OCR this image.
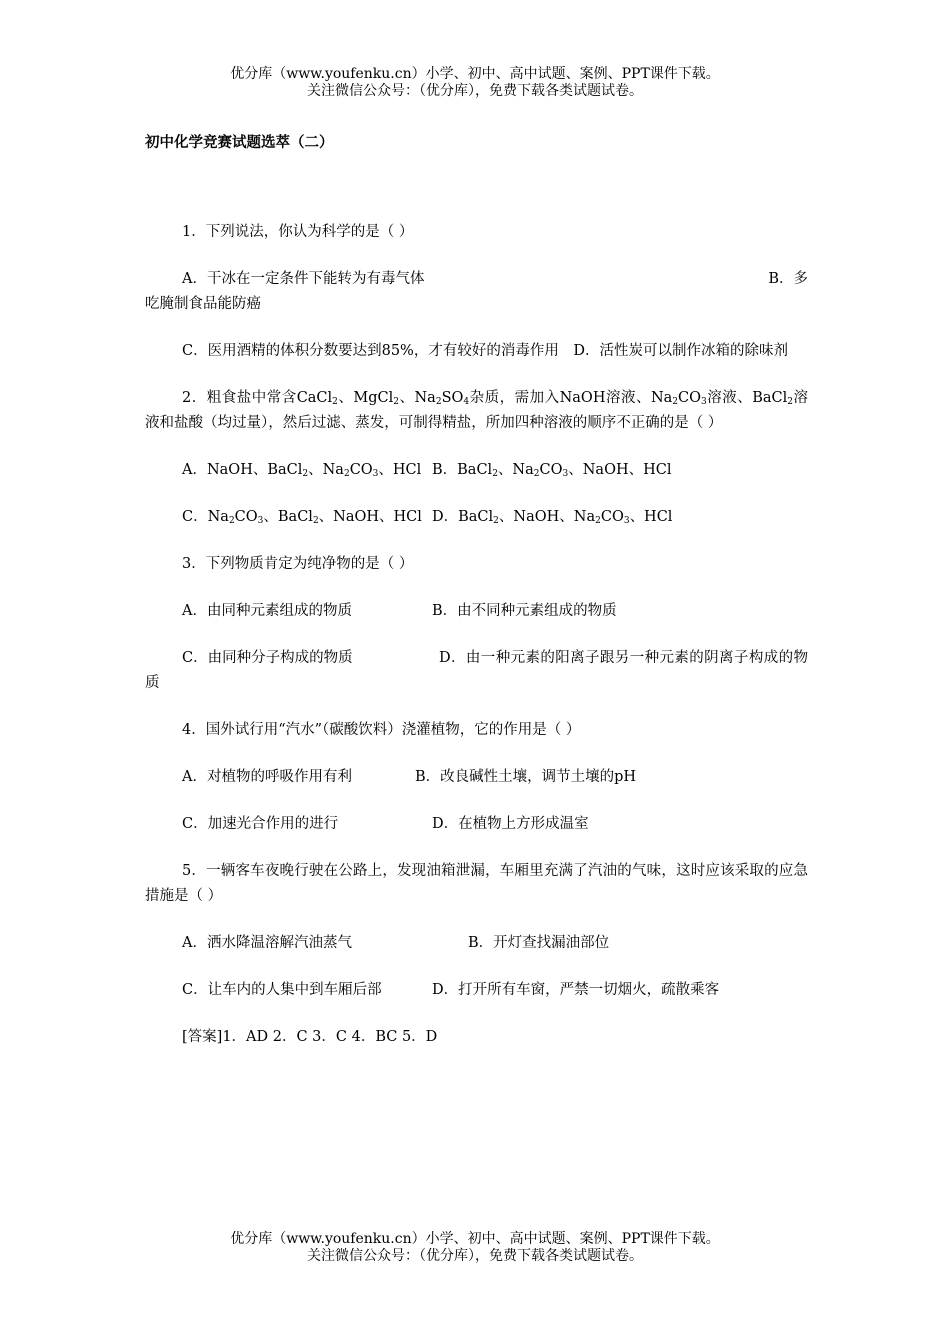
优分库（www.youfenku.cn）小学、初中、高中试题、案例、PPT课件下载。
关注微信公众号：（优分库），免费下载各类试题试卷。
初中化学竞赛试题选萃（二）
1．下列说法，你认为科学的是（ ）
A．干冰在一定条件下能转为有毒气体	B．多
吃腌制食品能防癌
C．医用酒精的体积分数要达到85%，才有较好的消毒作用　D．活性炭可以制作冰箱的除味剂
2．粗食盐中常含CaCl$_2$、MgCl$_2$、$Na_2SO_4$杂质，需加入NaOH溶液、$Na_2CO_3$溶液、BaCl$_2$溶液和盐酸（均过量），然后过滤、蒸发，可制得精盐，所加四种溶液的顺序不正确的是（ ）
A．NaOH、BaCl$_2$、$Na_2CO_3$、HCl B．BaCl$_2$、$Na_2CO_3$、NaOH、HCl
C．$Na_2CO_3$、BaCl$_2$、NaOH、HCl D．BaCl$_2$、NaOH、$Na_2CO_3$、HCl
3．下列物质肯定为纯净物的是（ ）
A．由同种元素组成的物质	B．由不同种元素组成的物质
C．由同种分子构成的物质	D．由一种元素的阳离子跟另一种元素的阴离子构成的物质
4．国外试行用“汽水”（碳酸饮料）浇灌植物，它的作用是（ ）
A．对植物的呼吸作用有利	B．改良碱性土壤，调节土壤的pH
C．加速光合作用的进行	D．在植物上方形成温室
5．一辆客车夜晚行驶在公路上，发现油箱泄漏，车厢里充满了汽油的气味，这时应该采取的应急措施是（ ）
A．洒水降温溶解汽油蒸气	B．开灯查找漏油部位
C．让车内的人集中到车厢后部	D．打开所有车窗，严禁一切烟火，疏散乘客
[答案]1．AD 2．C 3．C 4．BC 5．D
优分库（www.youfenku.cn）小学、初中、高中试题、案例、PPT课件下载。
关注微信公众号：（优分库），免费下载各类试题试卷。
